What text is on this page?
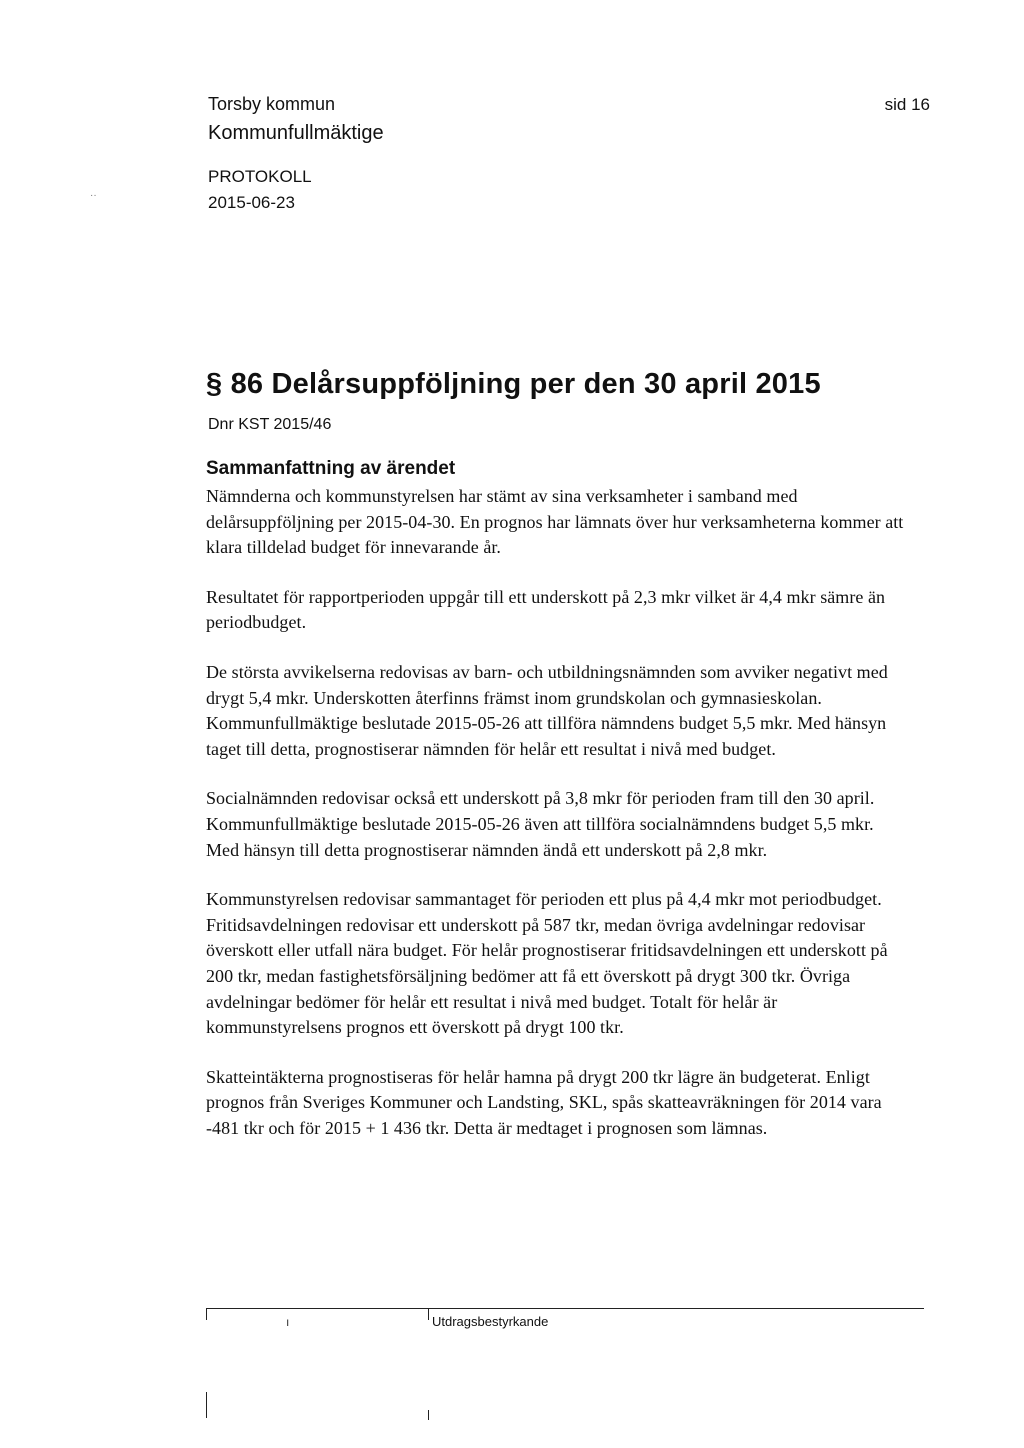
Torsby kommun

Kommunfullmäktige

PROTOKOLL

2015-06-23

sid 16
··
§ 86 Delårsuppföljning per den 30 april 2015

Dnr KST 2015/46

Sammanfattning av ärendet

Nämnderna och kommunstyrelsen har stämt av sina verksamheter i samband med delårsuppföljning per 2015-04-30. En prognos har lämnats över hur verksamheterna kommer att klara tilldelad budget för innevarande år.

Resultatet för rapportperioden uppgår till ett underskott på 2,3 mkr vilket är 4,4 mkr sämre än periodbudget.

De största avvikelserna redovisas av barn- och utbildningsnämnden som avviker negativt med drygt 5,4 mkr. Underskotten återfinns främst inom grundskolan och gymnasieskolan. Kommunfullmäktige beslutade 2015-05-26 att tillföra nämndens budget 5,5 mkr. Med hänsyn taget till detta, prognostiserar nämnden för helår ett resultat i nivå med budget.

Socialnämnden redovisar också ett underskott på 3,8 mkr för perioden fram till den 30 april. Kommunfullmäktige beslutade 2015-05-26 även att tillföra socialnämndens budget 5,5 mkr. Med hänsyn till detta prognostiserar nämnden ändå ett underskott på 2,8 mkr.

Kommunstyrelsen redovisar sammantaget för perioden ett plus på 4,4 mkr mot periodbudget. Fritidsavdelningen redovisar ett underskott på 587 tkr, medan övriga avdelningar redovisar överskott eller utfall nära budget. För helår prognostiserar fritidsavdelningen ett underskott på 200 tkr, medan fastighetsförsäljning bedömer att få ett överskott på drygt 300 tkr. Övriga avdelningar bedömer för helår ett resultat i nivå med budget. Totalt för helår är kommunstyrelsens prognos ett överskott på drygt 100 tkr.

Skatteintäkterna prognostiseras för helår hamna på drygt 200 tkr lägre än budgeterat. Enligt prognos från Sveriges Kommuner och Landsting, SKL, spås skatteavräkningen för 2014 vara -481 tkr och för 2015 + 1 436 tkr. Detta är medtaget i prognosen som lämnas.

ı	Utdragsbestyrkande
